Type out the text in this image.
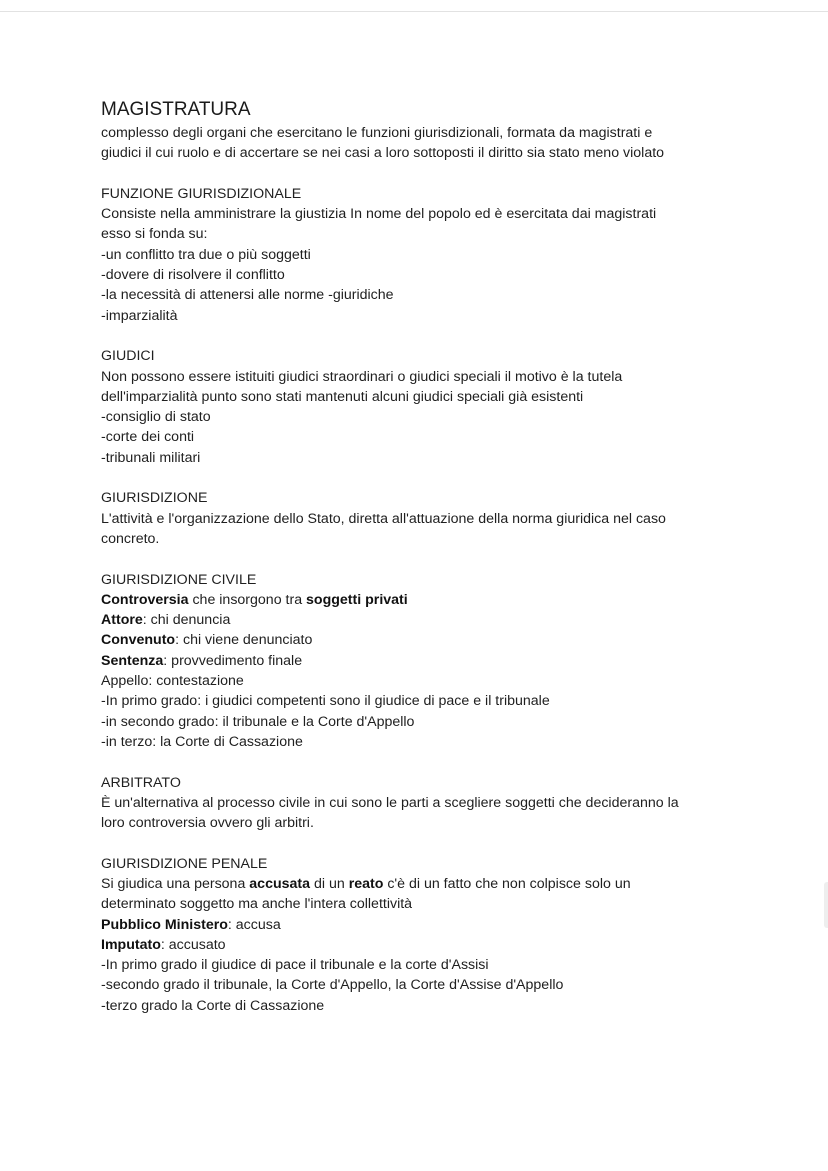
MAGISTRATURA

complesso degli organi che esercitano le funzioni giurisdizionali, formata da magistrati e

giudici il cui ruolo e di accertare se nei casi a loro sottoposti il diritto sia stato meno violato

FUNZIONE GIURISDIZIONALE

Consiste nella amministrare la giustizia In nome del popolo ed è esercitata dai magistrati

esso si fonda su:

-un conflitto tra due o più soggetti

-dovere di risolvere il conflitto

-la necessità di attenersi alle norme -giuridiche

-imparzialità

GIUDICI

Non possono essere istituiti giudici straordinari o giudici speciali il motivo è la tutela

dell'imparzialità punto sono stati mantenuti alcuni giudici speciali già esistenti

-consiglio di stato

-corte dei conti

-tribunali militari

GIURISDIZIONE

L'attività e l'organizzazione dello Stato, diretta all'attuazione della norma giuridica nel caso

concreto.

GIURISDIZIONE CIVILE

Controversia che insorgono tra soggetti privati

Attore: chi denuncia

Convenuto: chi viene denunciato

Sentenza: provvedimento finale

Appello: contestazione

-In primo grado: i giudici competenti sono il giudice di pace e il tribunale

-in secondo grado: il tribunale e la Corte d'Appello

-in terzo: la Corte di Cassazione

ARBITRATO

È un'alternativa al processo civile in cui sono le parti a scegliere soggetti che decideranno la

loro controversia ovvero gli arbitri.

GIURISDIZIONE PENALE

Si giudica una persona accusata di un reato c'è di un fatto che non colpisce solo un

determinato soggetto ma anche l'intera collettività

Pubblico Ministero: accusa

Imputato: accusato

-In primo grado il giudice di pace il tribunale e la corte d'Assisi

-secondo grado il tribunale, la Corte d'Appello, la Corte d'Assise d'Appello

-terzo grado la Corte di Cassazione
